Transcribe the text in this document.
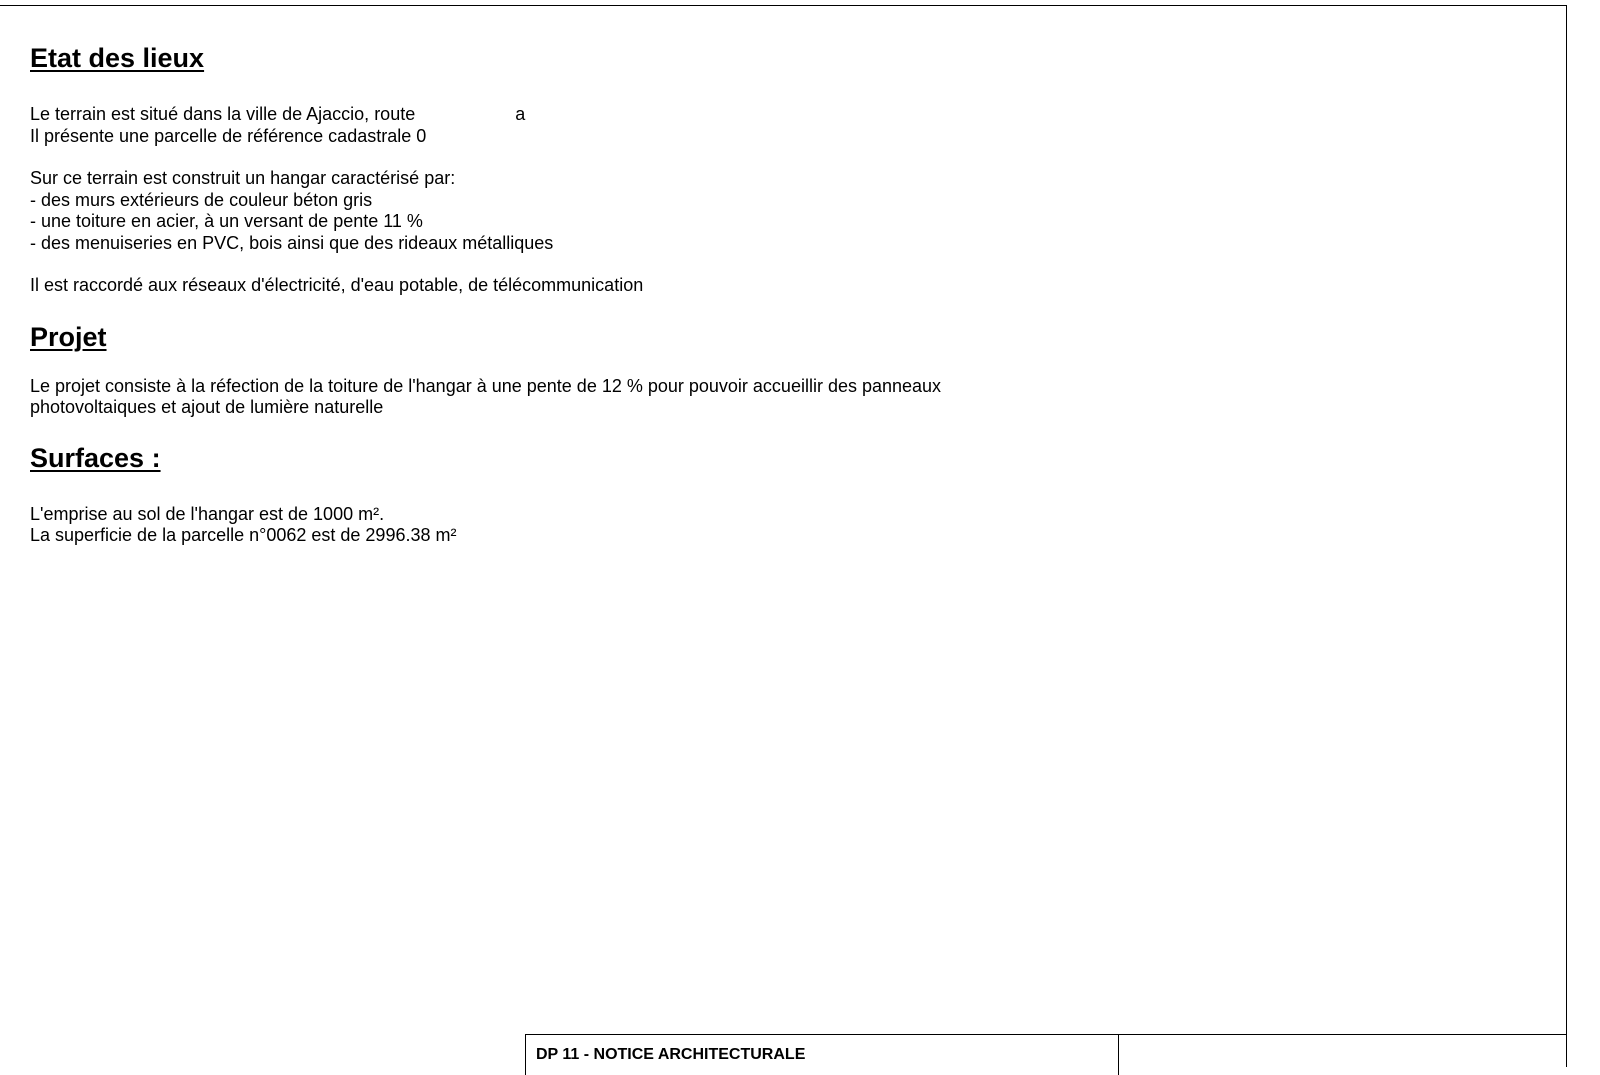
Etat des lieux

Le terrain est situé dans la ville de Ajaccio, route	a

Il présente une parcelle de référence cadastrale 0

Sur ce terrain est construit un hangar caractérisé par:

- des murs extérieurs de couleur béton gris

- une toiture en acier, à un versant de pente 11 %

- des menuiseries en PVC, bois ainsi que des rideaux métalliques

Il est raccordé aux réseaux d'électricité, d'eau potable, de télécommunication

Projet

Le projet consiste à la réfection de la toiture de l'hangar à une pente de 12 % pour pouvoir accueillir des panneaux

photovoltaiques et ajout de lumière naturelle

Surfaces :

L'emprise au sol de l'hangar est de 1000 m².

La superficie de la parcelle n°0062 est de 2996.38 m²

DP 11 - NOTICE ARCHITECTURALE
